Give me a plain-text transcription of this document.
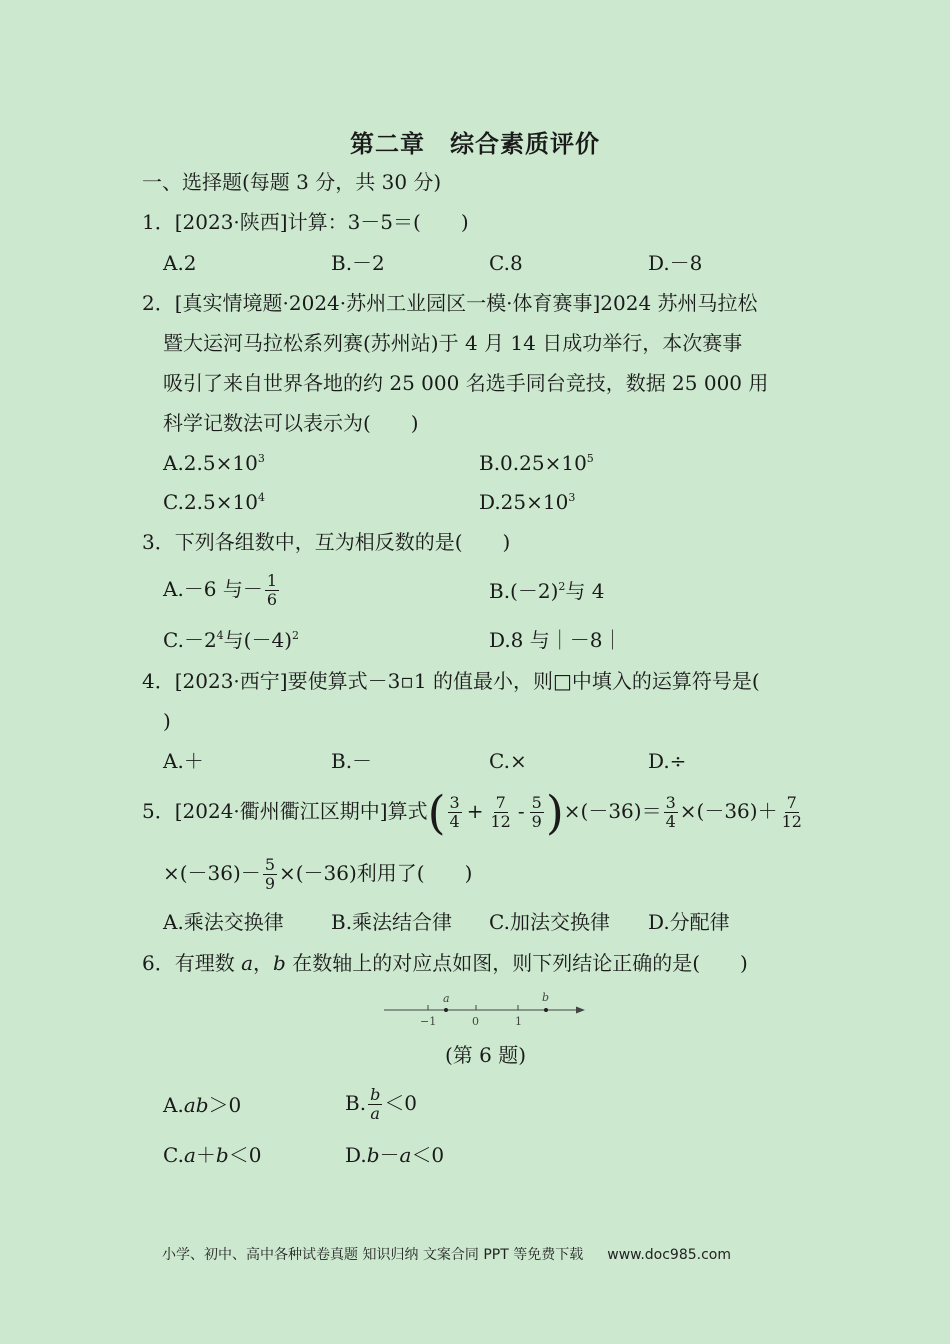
第二章　综合素质评价
一、选择题(每题 3 分，共 30 分)
1．[2023·陕西]计算：3－5＝(　　)
A.2	B.－2	C.8	D.－8
2．[真实情境题·2024·苏州工业园区一模·体育赛事]2024 苏州马拉松
暨大运河马拉松系列赛(苏州站)于 4 月 14 日成功举行，本次赛事
吸引了来自世界各地的约 25 000 名选手同台竞技，数据 25 000 用
科学记数法可以表示为(　　)
$A.2.5\times 10^3$	$B.0.25\times 10^5$
$C.2.5\times 10^4$	$D.25\times 10^3$
3．下列各组数中，互为相反数的是(　　)
A.－6 与－ $\frac{1}{6}$	$B.(-2)^2$与 4
$C.-2^4$与$(-4)^2$	D.8 与｜－8｜
4．[2023·西宁]要使算式－3▫1 的值最小，则□中填入的运算符号是(
)
A.＋	B.－	C.×	D.÷
5．[2024·衢州衢江区期中]算式( $\frac{3}{4} + \frac{7}{12} - \frac{5}{9} )\times(-36)= \frac{3}{4} \times(-36)+ \frac{7}{12}$
$\times(-36)- \frac{5}{9} \times(-36)$利用了(　　)
A.乘法交换律 B.乘法结合律 C.加法交换律 D.分配律
6．有理数 a，b 在数轴上的对应点如图，则下列结论正确的是(　　)
−1	0	1
a	b
(第 6 题)
A.ab＞0	B. $\frac{b}{a} <0$
C.a＋b＜0	D.b－a＜0
小学、初中、高中各种试卷真题 知识归纳 文案合同 PPT 等免费下载 www.doc985.com
